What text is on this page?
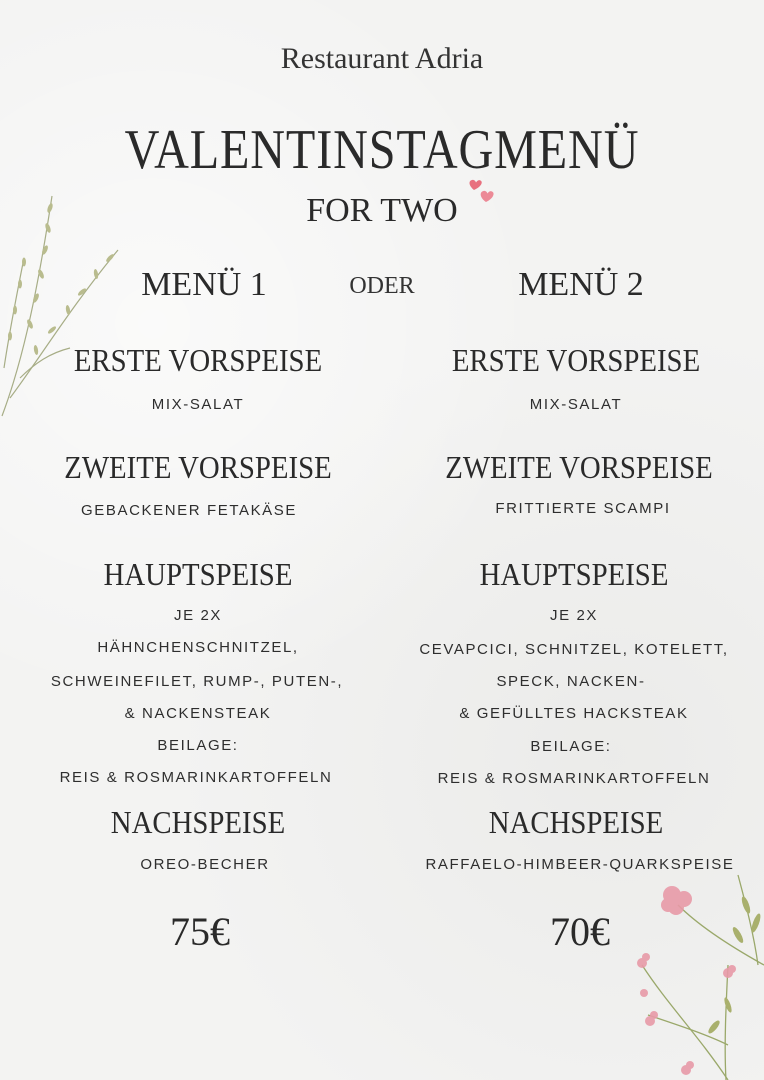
Restaurant Adria
VALENTINSTAGMENÜ
FOR TWO
MENÜ 1	ODER	MENÜ 2
ERSTE VORSPEISE
MIX-SALAT
ZWEITE VORSPEISE
GEBACKENER FETAKÄSE
HAUPTSPEISE
JE 2X
HÄHNCHENSCHNITZEL,
SCHWEINEFILET, RUMP-, PUTEN-,
& NACKENSTEAK
BEILAGE:
REIS & ROSMARINKARTOFFELN
NACHSPEISE
OREO-BECHER
75€
ERSTE VORSPEISE
MIX-SALAT
ZWEITE VORSPEISE
FRITTIERTE SCAMPI
HAUPTSPEISE
JE 2X
CEVAPCICI, SCHNITZEL, KOTELETT,
SPECK, NACKEN-
& GEFÜLLTES HACKSTEAK
BEILAGE:
REIS & ROSMARINKARTOFFELN
NACHSPEISE
RAFFAELO-HIMBEER-QUARKSPEISE
70€
